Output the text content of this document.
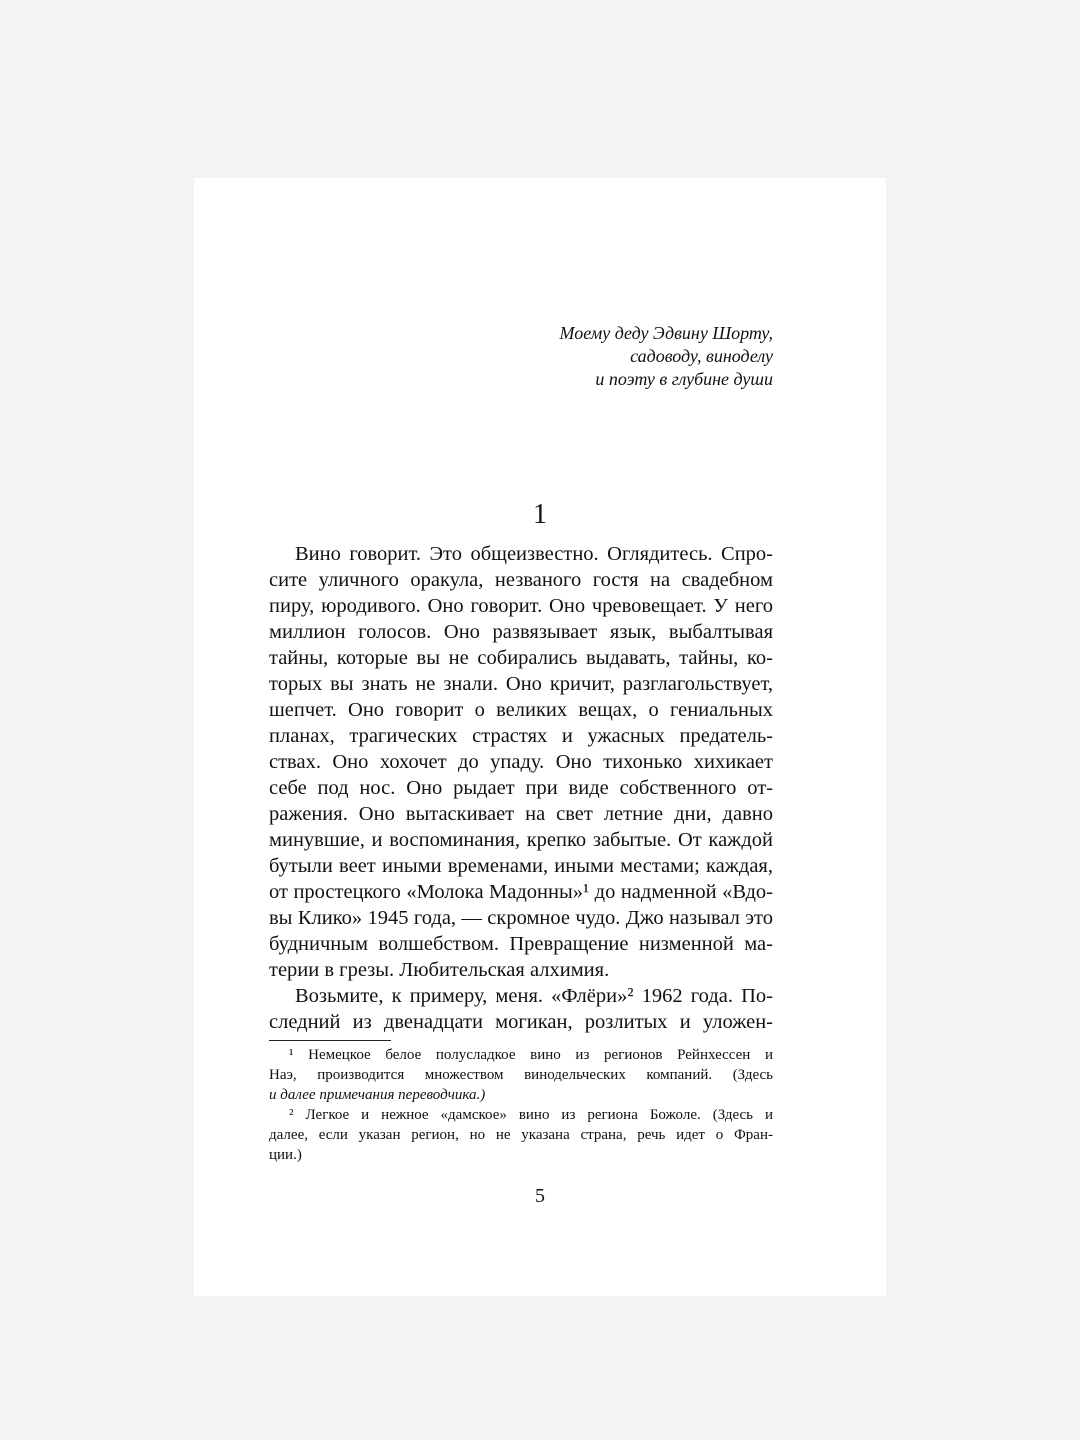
Моему деду Эдвину Шорту,
садоводу, виноделу
и поэту в глубине души
1
Вино говорит. Это общеизвестно. Оглядитесь. Спро-
сите уличного оракула, незваного гостя на свадебном
пиру, юродивого. Оно говорит. Оно чревовещает. У него
миллион голосов. Оно развязывает язык, выбалтывая
тайны, которые вы не собирались выдавать, тайны, ко-
торых вы знать не знали. Оно кричит, разглагольствует,
шепчет. Оно говорит о великих вещах, о гениальных
планах, трагических страстях и ужасных предатель-
ствах. Оно хохочет до упаду. Оно тихонько хихикает
себе под нос. Оно рыдает при виде собственного от-
ражения. Оно вытаскивает на свет летние дни, давно
минувшие, и воспоминания, крепко забытые. От каждой
бутыли веет иными временами, иными местами; каждая,
от простецкого «Молока Мадонны»¹ до надменной «Вдо-
вы Клико» 1945 года, — скромное чудо. Джо называл это
будничным волшебством. Превращение низменной ма-
терии в грезы. Любительская алхимия.
Возьмите, к примеру, меня. «Флёри»² 1962 года. По-
следний из двенадцати могикан, розлитых и уложен-
¹ Немецкое белое полусладкое вино из регионов Рейнхессен и
Наэ, производится множеством винодельческих компаний. (Здесь
и далее примечания переводчика.)
² Легкое и нежное «дамское» вино из региона Божоле. (Здесь и
далее, если указан регион, но не указана страна, речь идет о Фран-
ции.)
5
